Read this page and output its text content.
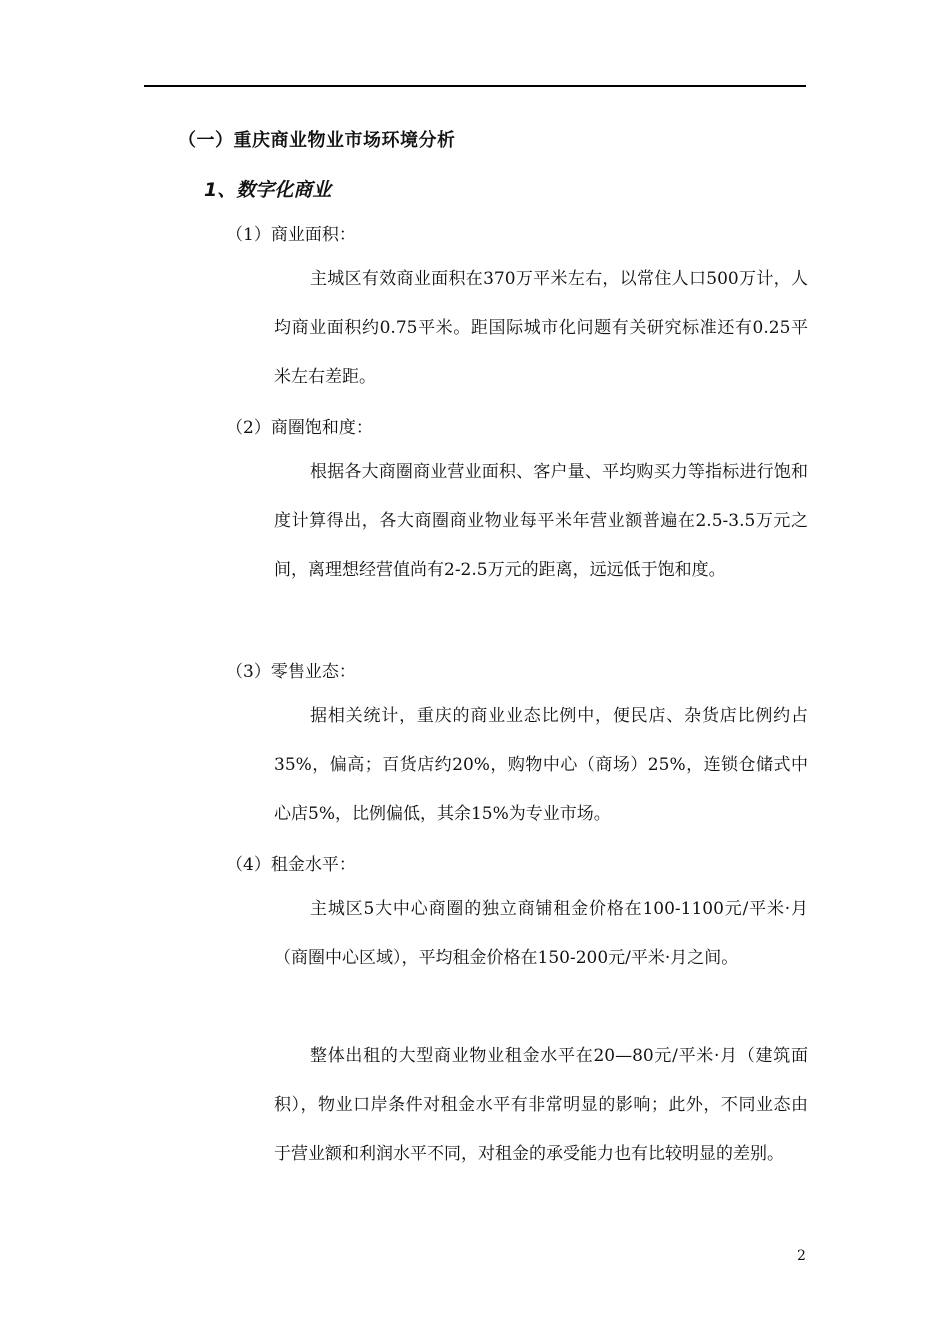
（一）重庆商业物业市场环境分析
1、数字化商业
（1）商业面积：
主城区有效商业面积在370万平米左右，以常住人口500万计，人均商业面积约0.75平米。距国际城市化问题有关研究标准还有0.25平米左右差距。
（2）商圈饱和度：
根据各大商圈商业营业面积、客户量、平均购买力等指标进行饱和度计算得出，各大商圈商业物业每平米年营业额普遍在2.5-3.5万元之间，离理想经营值尚有2-2.5万元的距离，远远低于饱和度。
（3）零售业态：
据相关统计，重庆的商业业态比例中，便民店、杂货店比例约占35%，偏高；百货店约20%，购物中心（商场）25%，连锁仓储式中心店5%，比例偏低，其余15%为专业市场。
（4）租金水平：
主城区5大中心商圈的独立商铺租金价格在100-1100元/平米·月（商圈中心区域），平均租金价格在150-200元/平米·月之间。
整体出租的大型商业物业租金水平在20—80元/平米·月（建筑面积），物业口岸条件对租金水平有非常明显的影响；此外，不同业态由于营业额和利润水平不同，对租金的承受能力也有比较明显的差别。
2
